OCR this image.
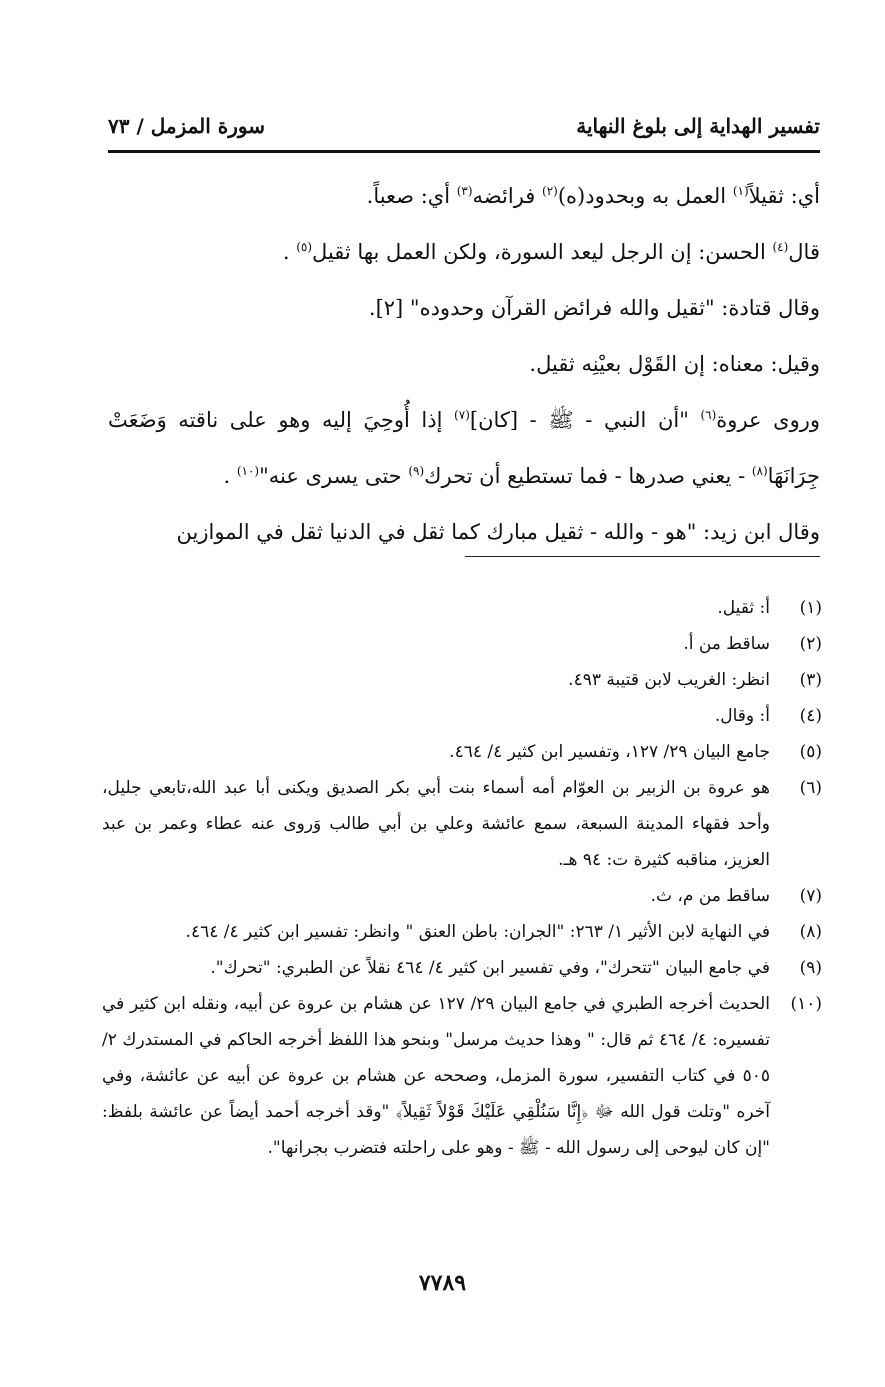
تفسير الهداية إلى بلوغ النهاية
سورة المزمل / ٧٣

أي: ثقيلاً$^{(١)}$ العمل به وبحدود(ه)$^{(٢)}$ فرائضه$^{(٣)}$ أي: صعباً.

قال$^{(٤)}$ الحسن: إن الرجل ليعد السورة، ولكن العمل بها ثقيل$^{(٥)}$ .

وقال قتادة: "ثقيل والله فرائض القرآن وحدوده" [٢].

وقيل: معناه: إن القَوْل بعيْنِه ثقيل.

وروى عروة$^{(٦)}$ "أن النبي - ﷺ - [كان]$^{(٧)}$ إذا أُوحِيَ إليه وهو على ناقته وَضَعَتْ جِرَانَهَا$^{(٨)}$ - يعني صدرها - فما تستطيع أن تحرك$^{(٩)}$ حتى يسرى عنه"$^{(١٠)}$ .

وقال ابن زيد: "هو - والله - ثقيل مبارك كما ثقل في الدنيا ثقل في الموازين

(١)
أ: ثقيل.
(٢)
ساقط من أ.
(٣)
انظر: الغريب لابن قتيبة ٤٩٣.
(٤)
أ: وقال.
(٥)
جامع البيان ٢٩/ ١٢٧، وتفسير ابن كثير ٤/ ٤٦٤.
(٦)
هو عروة بن الزبير بن العوّام أمه أسماء بنت أبي بكر الصديق ويكنى أبا عبد الله،تابعي جليل، وأحد فقهاء المدينة السبعة، سمع عائشة وعلي بن أبي طالب وَروى عنه عطاء وعمر بن عبد العزيز، مناقبه كثيرة ت: ٩٤ هـ.
(٧)
ساقط من م، ث.
(٨)
في النهاية لابن الأثير ١/ ٢٦٣: "الجران: باطن العنق " وانظر: تفسير ابن كثير ٤/ ٤٦٤.
(٩)
في جامع البيان "تتحرك"، وفي تفسير ابن كثير ٤/ ٤٦٤ نقلاً عن الطبري: "تحرك".
(١٠)
الحديث أخرجه الطبري في جامع البيان ٢٩/ ١٢٧ عن هشام بن عروة عن أبيه، ونقله ابن كثير في تفسيره: ٤/ ٤٦٤ ثم قال: " وهذا حديث مرسل" وبنحو هذا اللفظ أخرجه الحاكم في المستدرك ٢/ ٥٠٥ في كتاب التفسير، سورة المزمل، وصححه عن هشام بن عروة عن أبيه عن عائشة، وفي آخره "وتلت قول الله ﷻ ﴿إِنَّا سَنُلْقِي عَلَيْكَ قَوْلاً ثَقِيلاً﴾ "وقد أخرجه أحمد أيضاً عن عائشة بلفظ: "إن كان ليوحى إلى رسول الله - ﷺ - وهو على راحلته فتضرب بجرانها".
٧٧٨٩
